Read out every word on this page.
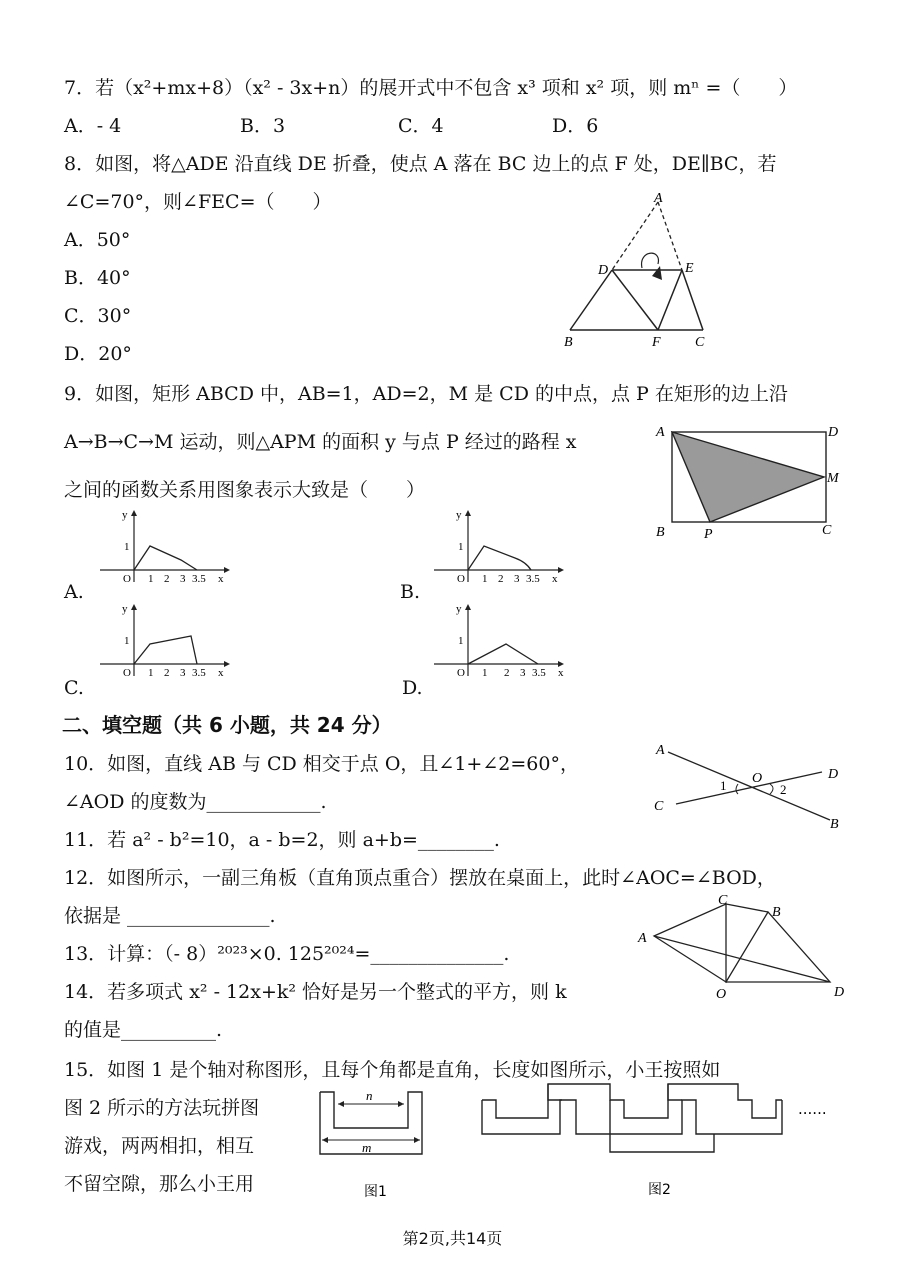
7．若（x²+mx+8）（x² - 3x+n）的展开式中不包含 x³ 项和 x² 项，则 mⁿ =（　　）
A．- 4	B．3	C．4	D．6
8．如图，将△ADE 沿直线 DE 折叠，使点 A 落在 BC 边上的点 F 处，DE∥BC，若
∠C=70°，则∠FEC=（　　）
A．50°
B．40°
C．30°
D．20°
A
D	E
B	F C
9．如图，矩形 ABCD 中，AB=1，AD=2，M 是 CD 的中点，点 P 在矩形的边上沿
A→B→C→M 运动，则△APM 的面积 y 与点 P 经过的路程 x
之间的函数关系用图象表示大致是（　　）
A	D
M
B	P	C
y
1
O 1 2 3 3.5 x
A.
y
1
O 1 2 3 3.5 x
B.
y
1
O 1 2 3 3.5 x
C.
y
1
O 1 2 3 3.5 x
D.
二、填空题（共 6 小题，共 24 分）
10．如图，直线 AB 与 CD 相交于点 O，且∠1+∠2=60°，
∠AOD 的度数为____________.
A
O	D
1	2
C
B
11．若 a² - b²=10，a - b=2，则 a+b=________.
12．如图所示，一副三角板（直角顶点重合）摆放在桌面上，此时∠AOC=∠BOD，
依据是 _______________.
C
B
A
O	D
13．计算：（- 8）²⁰²³×0. 125²⁰²⁴=______________.
14．若多项式 x² - 12x+k² 恰好是另一个整式的平方，则 k
的值是__________.
15．如图 1 是个轴对称图形，且每个角都是直角，长度如图所示，小王按照如
图 2 所示的方法玩拼图
游戏，两两相扣，相互
不留空隙，那么小王用
n
m
图1
......
图2
第2页,共14页
